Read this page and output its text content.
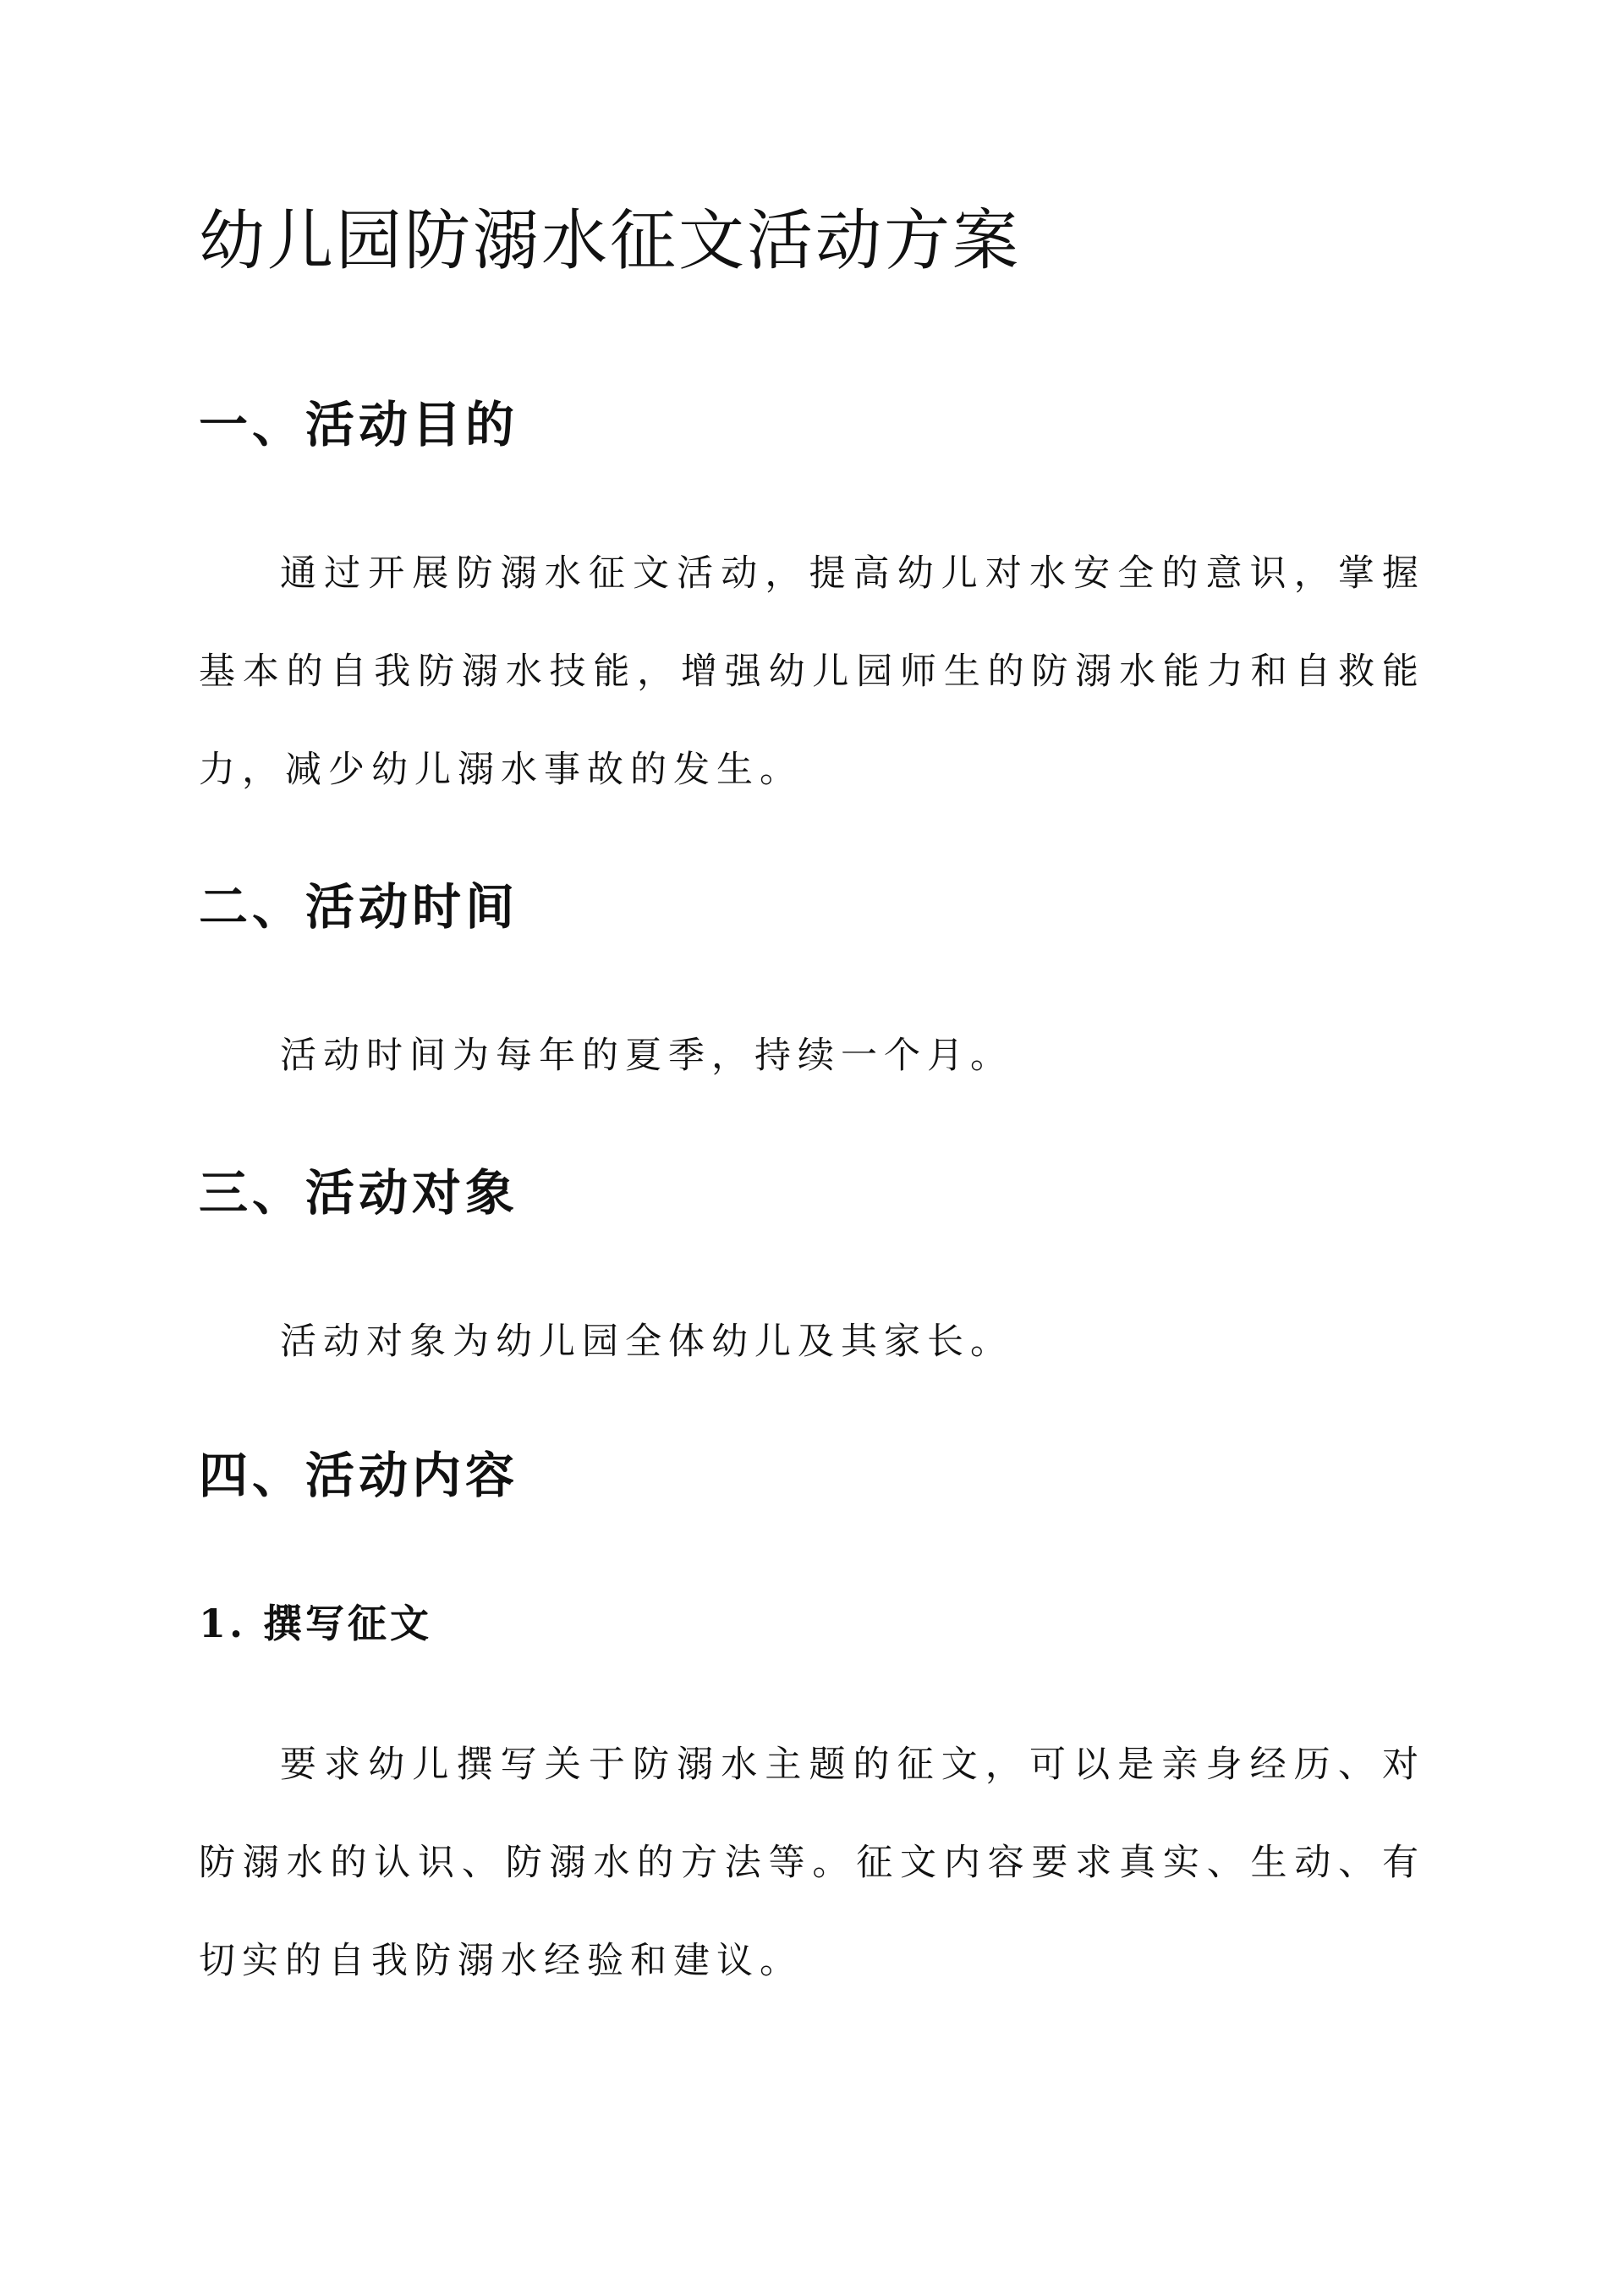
幼儿园防溺水征文活动方案
一、活动目的

通过开展防溺水征文活动，提高幼儿对水安全的意识，掌握基本的自我防溺水技能，增强幼儿园师生的防溺水能力和自救能力，减少幼儿溺水事故的发生。

二、活动时间

活动时间为每年的夏季，持续一个月。

三、活动对象

活动对象为幼儿园全体幼儿及其家长。

四、活动内容
1. 撰写征文

要求幼儿撰写关于防溺水主题的征文，可以是亲身经历、对防溺水的认识、防溺水的方法等。征文内容要求真实、生动、有切实的自我防溺水经验和建议。
